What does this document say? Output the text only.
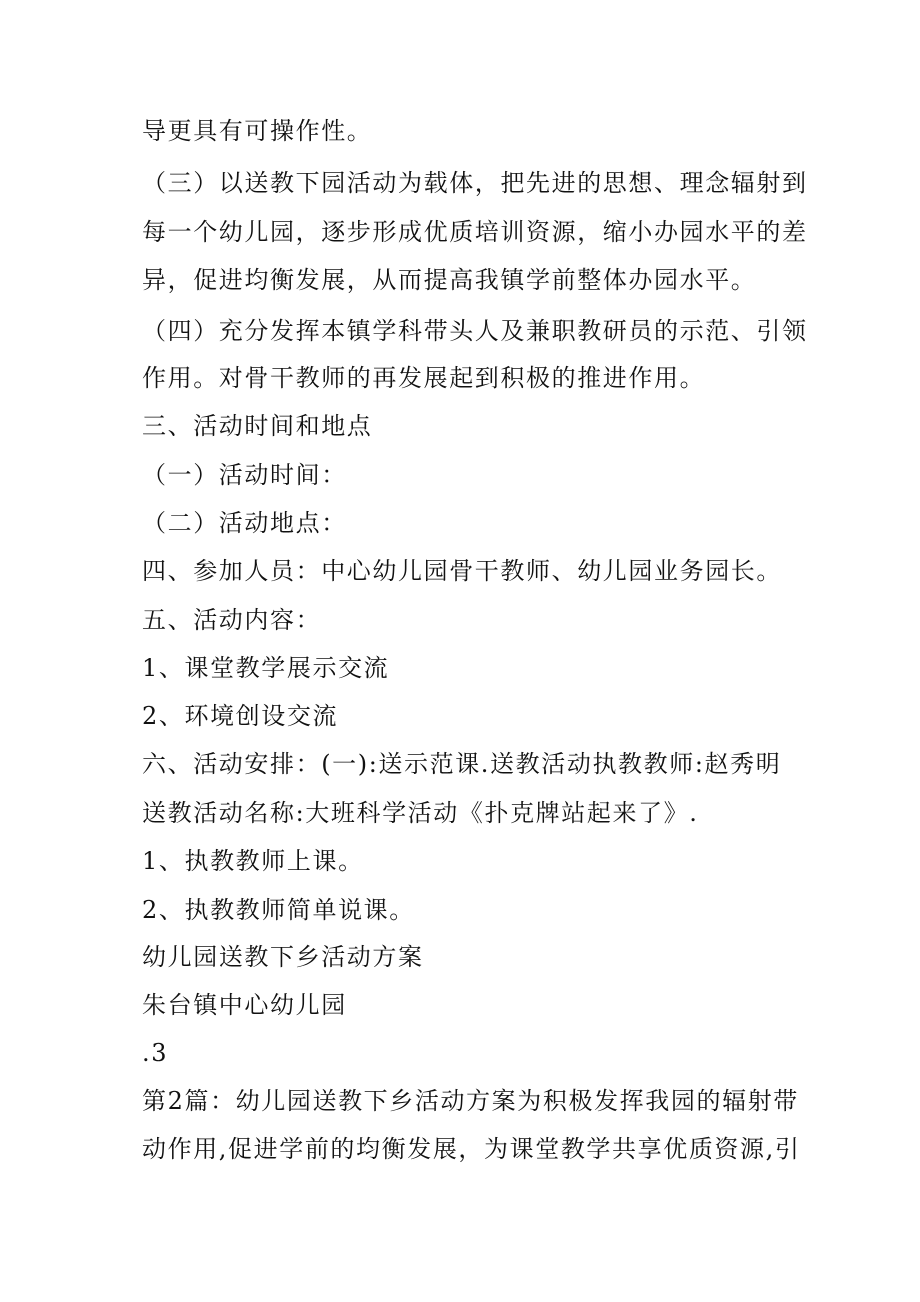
导更具有可操作性。
（三）以送教下园活动为载体，把先进的思想、理念辐射到
每一个幼儿园，逐步形成优质培训资源，缩小办园水平的差
异，促进均衡发展，从而提高我镇学前整体办园水平。
（四）充分发挥本镇学科带头人及兼职教研员的示范、引领
作用。对骨干教师的再发展起到积极的推进作用。
三、活动时间和地点
（一）活动时间：
（二）活动地点：
四、参加人员：中心幼儿园骨干教师、幼儿园业务园长。
五、活动内容：
1、课堂教学展示交流
2、环境创设交流
六、活动安排：(一):送示范课.送教活动执教教师:赵秀明
送教活动名称:大班科学活动《扑克牌站起来了》.
1、执教教师上课。
2、执教教师简单说课。
幼儿园送教下乡活动方案
朱台镇中心幼儿园
.3
第2篇：幼儿园送教下乡活动方案为积极发挥我园的辐射带
动作用,促进学前的均衡发展，为课堂教学共享优质资源,引
